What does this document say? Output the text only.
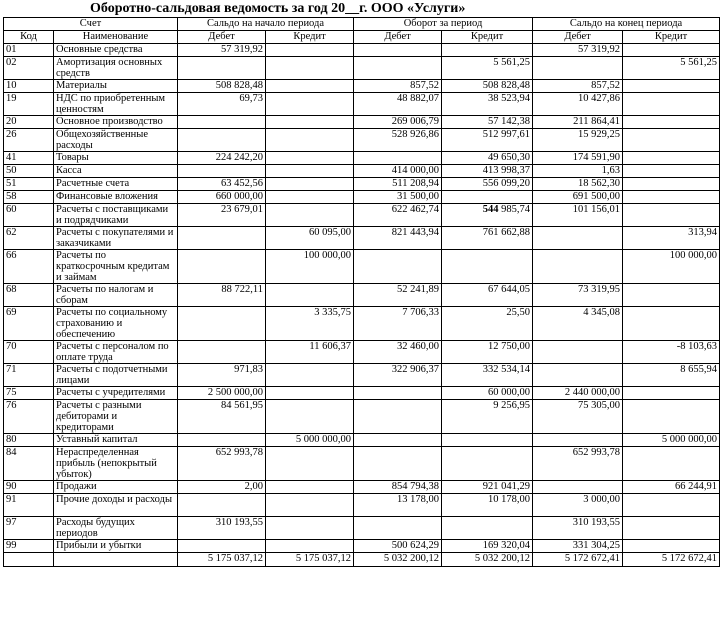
Оборотно-сальдовая ведомость за год 20__г. ООО «Услуги»
Счет		Сальдо на начало периода		Оборот за период		Сальдо на конец периода	
Код	Наименование	Дебет	Кредит	Дебет	Кредит	Дебет	Кредит

01	Основные средства	57 319,92				57 319,92	

02	Амортизация основных средств				5 561,25		5 561,25

10	Материалы	508 828,48		857,52	508 828,48	857,52	

19	НДС по приобретенным ценностям	69,73		48 882,07	38 523,94	10 427,86	

20	Основное производство			269 006,79	57 142,38	211 864,41	

26	Общехозяйственные расходы			528 926,86	512 997,61	15 929,25	

41	Товары	224 242,20			49 650,30	174 591,90	

50	Касса			414 000,00	413 998,37	1,63	

51	Расчетные счета	63 452,56		511 208,94	556 099,20	18 562,30	

58	Финансовые вложения	660 000,00		31 500,00		691 500,00	

60	Расчеты с поставщиками и подрядчиками	23 679,01		622 462,74	544 985,74	101 156,01	

62	Расчеты с покупателями и заказчиками		60 095,00	821 443,94	761 662,88		313,94

66	Расчеты по краткосрочным кредитам и займам		100 000,00				100 000,00

68	Расчеты по налогам и сборам	88 722,11		52 241,89	67 644,05	73 319,95	

69	Расчеты по социальному страхованию и обеспечению		3 335,75	7 706,33	25,50	4 345,08	

70	Расчеты с персоналом по оплате труда		11 606,37	32 460,00	12 750,00		-8 103,63

71	Расчеты с подотчетными лицами	971,83		322 906,37	332 534,14		8 655,94

75	Расчеты с учредителями	2 500 000,00			60 000,00	2 440 000,00	

76	Расчеты с разными дебиторами и кредиторами	84 561,95			9 256,95	75 305,00	

80	Уставный капитал		5 000 000,00				5 000 000,00

84	Нераспределенная прибыль (непокрытый убыток)	652 993,78				652 993,78	

90	Продажи	2,00		854 794,38	921 041,29		66 244,91

91	Прочие доходы и расходы			13 178,00	10 178,00	3 000,00	

97	Расходы будущих периодов	310 193,55				310 193,55	

99	Прибыли и убытки			500 624,29	169 320,04	331 304,25	

		5 175 037,12	5 175 037,12	5 032 200,12	5 032 200,12	5 172 672,41	5 172 672,41
